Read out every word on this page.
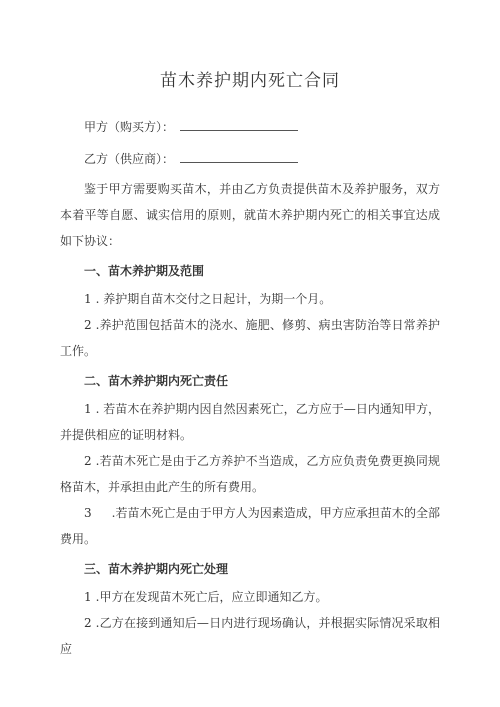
苗木养护期内死亡合同
甲方（购买方）：
乙方（供应商）：

鉴于甲方需要购买苗木，并由乙方负责提供苗木及养护服务，双方本着平等自愿、诚实信用的原则，就苗木养护期内死亡的相关事宜达成如下协议：

一、苗木养护期及范围

1 . 养护期自苗木交付之日起计，为期一个月。

2 .养护范围包括苗木的浇水、施肥、修剪、病虫害防治等日常养护工作。

二、苗木养护期内死亡责任

1 . 若苗木在养护期内因自然因素死亡，乙方应于—日内通知甲方，并提供相应的证明材料。

2 .若苗木死亡是由于乙方养护不当造成，乙方应负责免费更换同规格苗木，并承担由此产生的所有费用。

3 .若苗木死亡是由于甲方人为因素造成，甲方应承担苗木的全部费用。

三、苗木养护期内死亡处理

1 .甲方在发现苗木死亡后，应立即通知乙方。

2 .乙方在接到通知后—日内进行现场确认，并根据实际情况采取相应
